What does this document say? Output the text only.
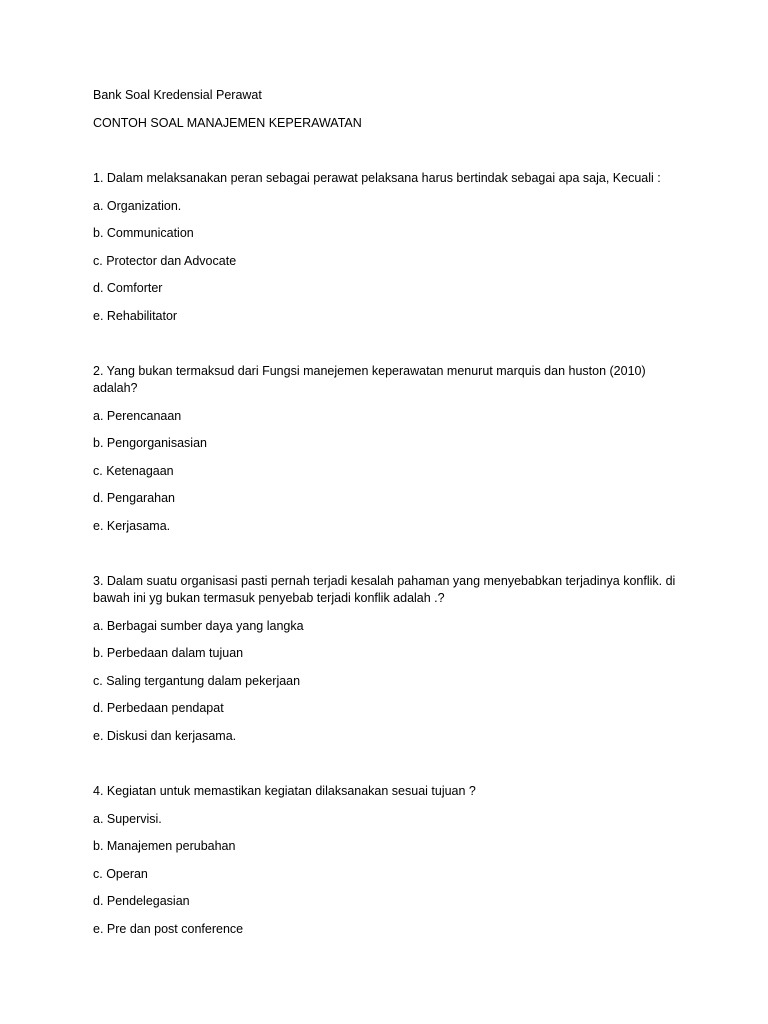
Bank Soal Kredensial Perawat
CONTOH SOAL MANAJEMEN KEPERAWATAN
1. Dalam melaksanakan peran sebagai perawat pelaksana harus bertindak sebagai apa saja, Kecuali :
a. Organization.
b. Communication
c. Protector dan Advocate
d. Comforter
e. Rehabilitator
2. Yang bukan termaksud dari Fungsi manejemen keperawatan menurut marquis dan huston (2010) adalah?
a. Perencanaan
b. Pengorganisasian
c. Ketenagaan
d. Pengarahan
e. Kerjasama.
3. Dalam suatu organisasi pasti pernah terjadi kesalah pahaman yang menyebabkan terjadinya konflik. di bawah ini yg bukan termasuk penyebab terjadi konflik adalah .?
a. Berbagai sumber daya yang langka
b. Perbedaan dalam tujuan
c. Saling tergantung dalam pekerjaan
d. Perbedaan pendapat
e. Diskusi dan kerjasama.
4. Kegiatan untuk memastikan kegiatan dilaksanakan sesuai tujuan ?
a. Supervisi.
b. Manajemen perubahan
c. Operan
d. Pendelegasian
e. Pre dan post conference
